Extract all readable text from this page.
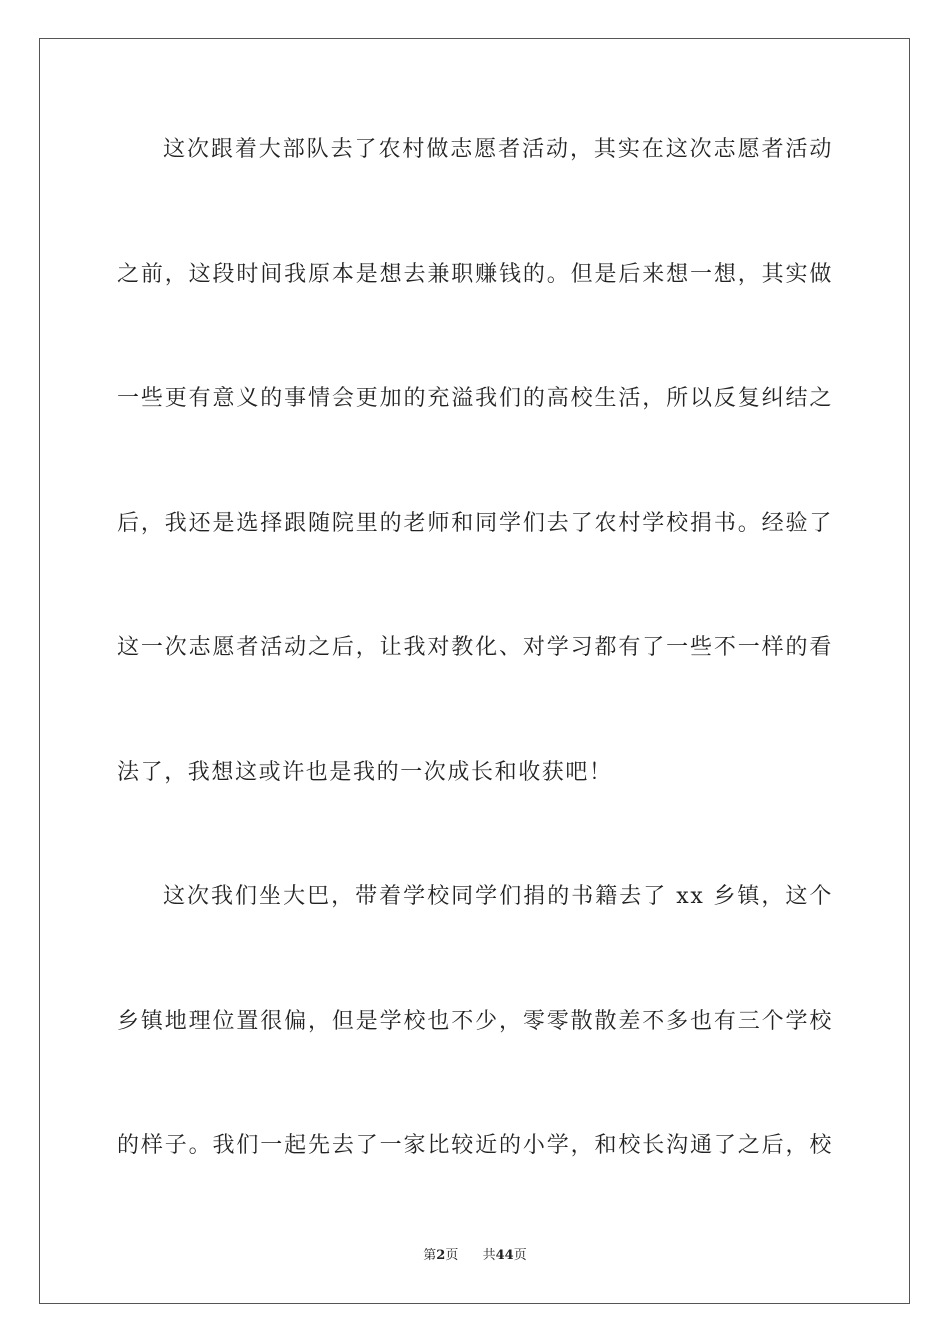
这次跟着大部队去了农村做志愿者活动，其实在这次志愿者活动
之前，这段时间我原本是想去兼职赚钱的。但是后来想一想，其实做
一些更有意义的事情会更加的充溢我们的高校生活，所以反复纠结之
后，我还是选择跟随院里的老师和同学们去了农村学校捐书。经验了
这一次志愿者活动之后，让我对教化、对学习都有了一些不一样的看
法了，我想这或许也是我的一次成长和收获吧！
这次我们坐大巴，带着学校同学们捐的书籍去了 xx 乡镇，这个
乡镇地理位置很偏，但是学校也不少，零零散散差不多也有三个学校
的样子。我们一起先去了一家比较近的小学，和校长沟通了之后，校
第2页 共44页
